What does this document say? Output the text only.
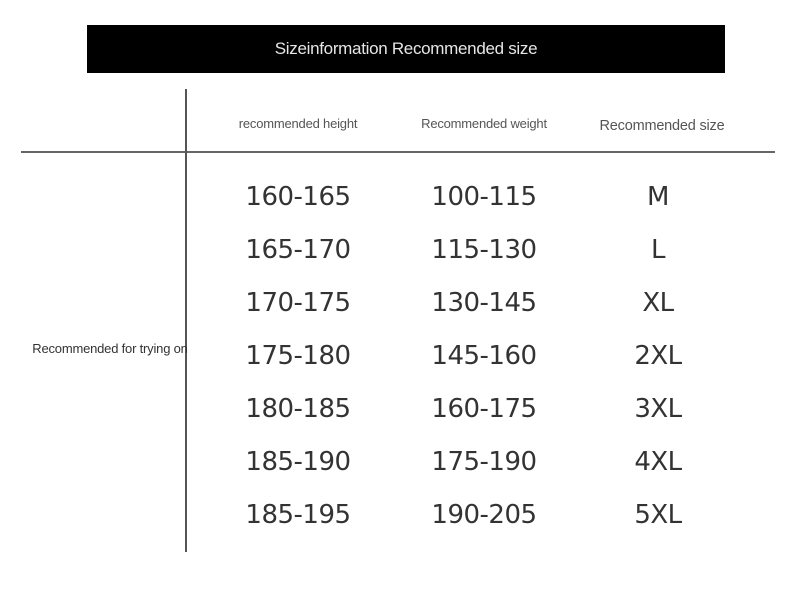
Sizeinformation Recommended size
recommended height	Recommended weight	Recommended size
Recommended for trying on
160-165	100-115	M
165-170	115-130	L
170-175	130-145	XL
175-180	145-160	2XL
180-185	160-175	3XL
185-190	175-190	4XL
185-195	190-205	5XL
